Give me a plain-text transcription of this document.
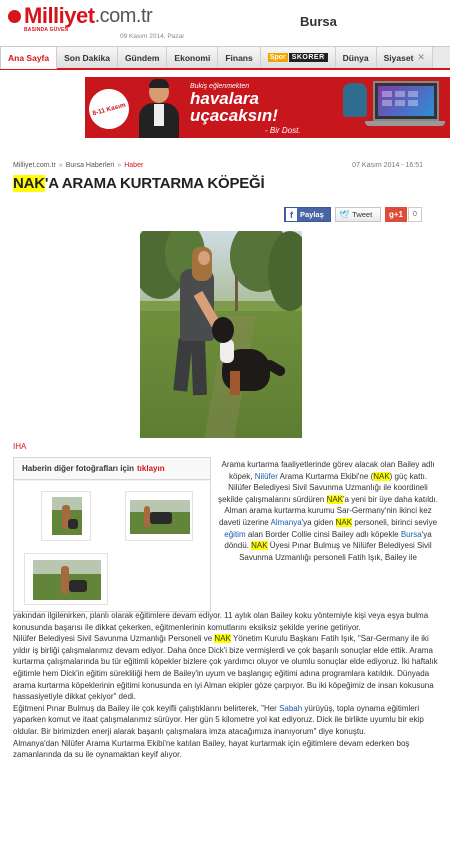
Milliyet .com.tr
BASINDA GÜVEN
09 Kasım 2014, Pazar
Bursa
Ana Sayfa	Son Dakika	Gündem	Ekonomi	Finans	Spor SKORER	Dünya	Siyaset ✕
8-11 Kasım
Bukiş eğlenmekten
havalara
uçacaksın!
- Bir Dost.
Milliyet.com.tr » Bursa Haberleri » Haber	07 Kasım 2014 - 16:51
NAK'A ARAMA KURTARMA KÖPEĞİ
f Paylaş 🕊 Tweet	g+1	0
IHA
Haberin diğer fotoğrafları için tıklayın	Arama kurtarma faaliyetlerinde görev alacak olan Bailey adlı köpek, Nilüfer Arama Kurtarma Ekibi'ne (NAK) güç kattı.

Nilüfer Belediyesi Sivil Savunma Uzmanlığı ile koordineli şekilde çalışmalarını sürdüren NAK'a yeni bir üye daha katıldı. Alman arama kurtarma kurumu Sar-Germany'nin ikinci kez daveti üzerine Almanya'ya giden NAK personeli, birinci seviye eğitim alan Border Collie cinsi Bailey adlı köpekle Bursa'ya döndü. NAK Üyesi Pınar Bulmuş ve Nilüfer Belediyesi Sivil Savunma Uzmanlığı personeli Fatih Işık, Bailey ile

yakından ilgilenirken, planlı olarak eğitimlere devam ediyor. 11 aylık olan Bailey koku yöntemiyle kişi veya eşya bulma konusunda başarısı ile dikkat çekerken, eğitmenlerinin komutlarını eksiksiz şekilde yerine getiriyor.

Nilüfer Belediyesi Sivil Savunma Uzmanlığı Personeli ve NAK Yönetim Kurulu Başkanı Fatih Işık, "Sar-Germany ile iki yıldır iş birliği çalışmalarımız devam ediyor. Daha önce Dick'i bize vermişlerdi ve çok başarılı sonuçlar elde ettik. Arama kurtarma çalışmalarında bu tür eğitimli köpekler bizlere çok yardımcı oluyor ve olumlu sonuçlar elde ediyoruz. İki haftalık eğitimle hem Dick'in eğitim sürekliliği hem de Bailey'in uyum ve başlangıç eğitimi adına programlara katıldık. Dünyada arama kurtarma köpeklerinin eğitimi konusunda en iyi Alman ekipler göze çarpıyor. Bu iki köpeğimiz de insan kokusuna hassasiyetiyle dikkat çekiyor" dedi.

Eğitmeni Pınar Bulmuş da Bailey ile çok keyifli çalıştıklarını belirterek, "Her Sabah yürüyüş, topla oynama eğitimleri yaparken komut ve itaat çalışmalarımız sürüyor. Her gün 5 kilometre yol kat ediyoruz. Dick ile birlikte uyumlu bir ekip oldular. Bir birimizden enerji alarak başarılı çalışmalara imza atacağımıza inanıyorum" diye konuştu.

Almanya'dan Nilüfer Arama Kurtarma Ekibi'ne katılan Bailey, hayat kurtarmak için eğitimlere devam ederken boş zamanlarında da su ile oynamaktan keyif alıyor.
